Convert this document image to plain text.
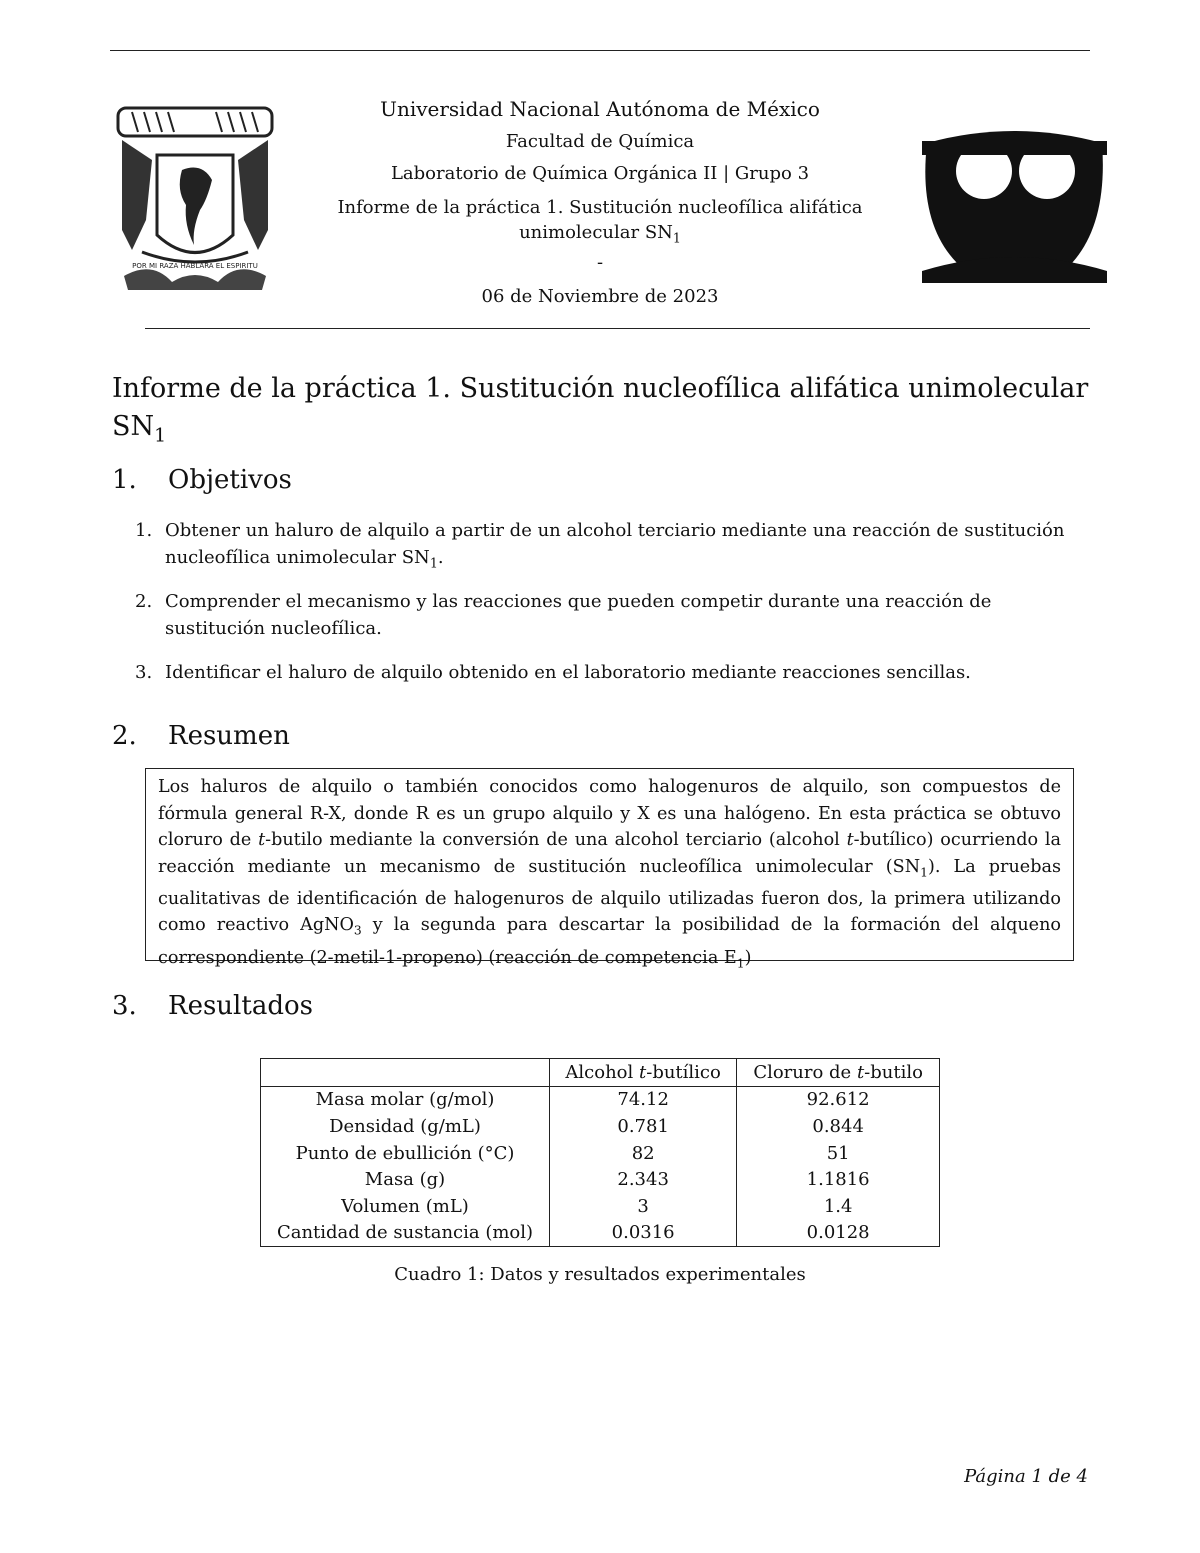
POR MI RAZA HABLARA EL ESPIRITU
Universidad Nacional Autónoma de México
Facultad de Química
Laboratorio de Química Orgánica II | Grupo 3
Informe de la práctica 1. Sustitución nucleofílica alifática
unimolecular $SN_1$
-
06 de Noviembre de 2023
Informe de la práctica 1. Sustitución nucleofílica alifática unimolecular
$SN_1$
1. Objetivos
1. Obtener un haluro de alquilo a partir de un alcohol terciario mediante una reacción de sustitución nucleofílica unimolecular $SN_1$.
2. Comprender el mecanismo y las reacciones que pueden competir durante una reacción de sustitución nucleofílica.
3. Identificar el haluro de alquilo obtenido en el laboratorio mediante reacciones sencillas.
2. Resumen
Los haluros de alquilo o también conocidos como halogenuros de alquilo, son compuestos de fórmula general R-X, donde R es un grupo alquilo y X es una halógeno. En esta práctica se obtuvo cloruro de t-butilo mediante la conversión de una alcohol terciario (alcohol t-butílico) ocurriendo la reacción mediante un mecanismo de sustitución nucleofílica unimolecular $(SN_1)$. La pruebas cualitativas de identificación de halogenuros de alquilo utilizadas fueron dos, la primera utilizando como reactivo AgNO$_3$ y la segunda para descartar la posibilidad de la formación del alqueno correspondiente (2-metil-1-propeno) (reacción de competencia $E_1$)
3. Resultados
	Alcohol t-butílico	Cloruro de t-butilo
Masa molar (g/mol)	74.12	92.612
Densidad (g/mL)	0.781	0.844
Punto de ebullición (°C)	82	51
Masa (g)	2.343	1.1816
Volumen (mL)	3	1.4
Cantidad de sustancia (mol)	0.0316	0.0128
Cuadro 1: Datos y resultados experimentales
Página 1 de 4
